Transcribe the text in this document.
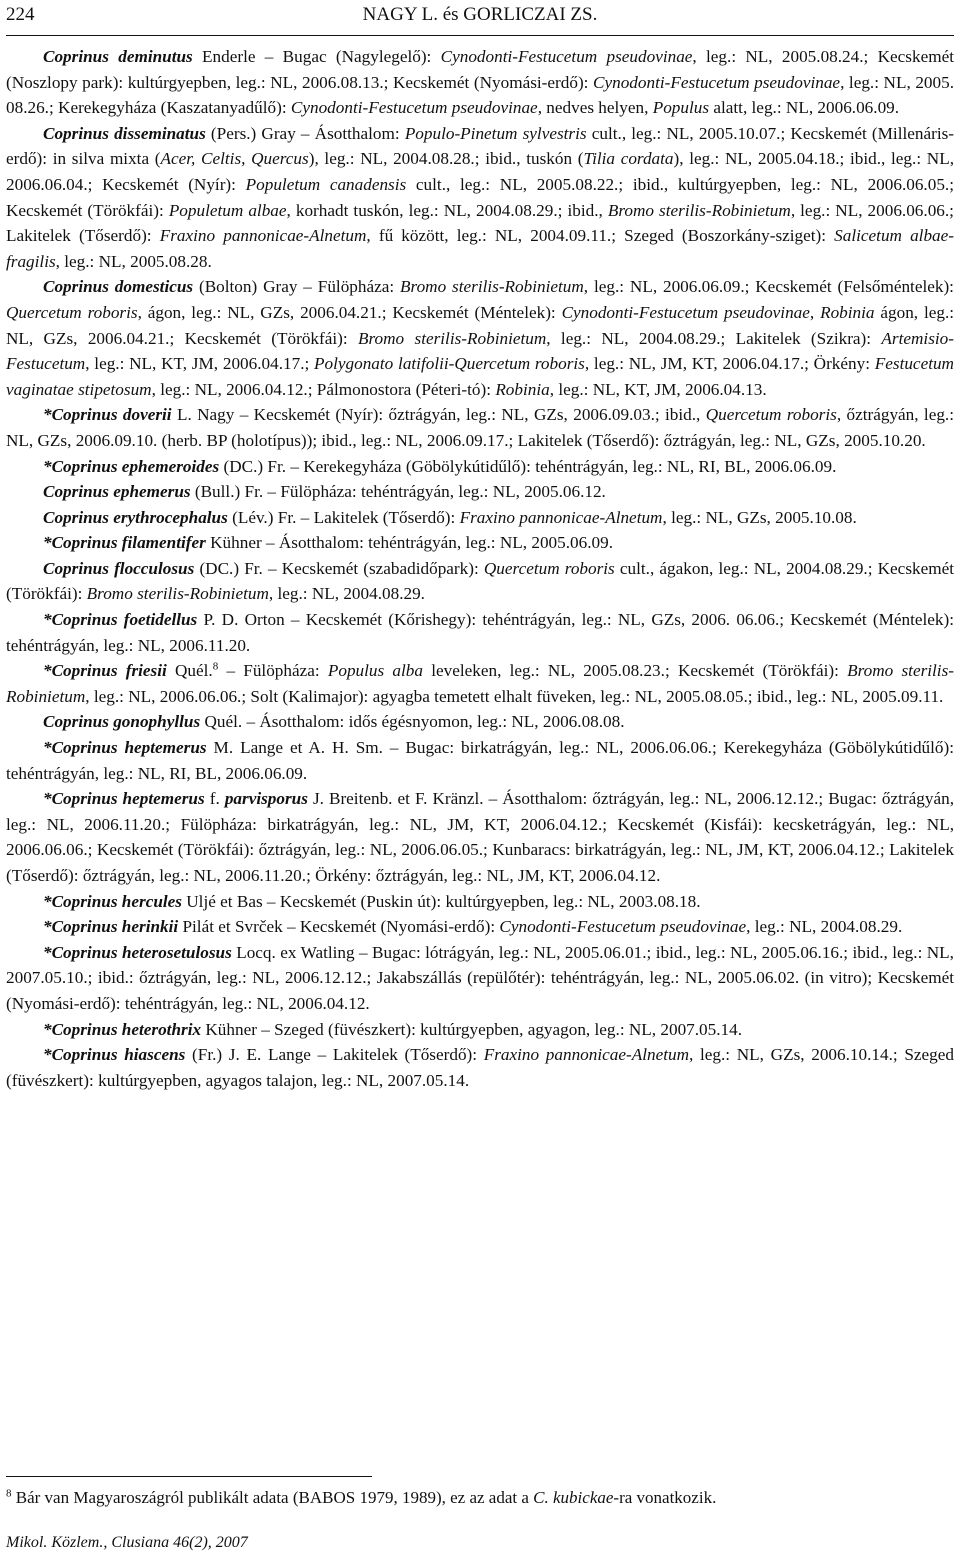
224	NAGY L. és GORLICZAI ZS.

Coprinus deminutus Enderle – Bugac (Nagylegelő): Cynodonti-Festucetum pseudovinae, leg.: NL, 2005.08.24.; Kecskemét (Noszlopy park): kultúrgyepben, leg.: NL, 2006.08.13.; Kecskemét (Nyomási-erdő): Cynodonti-Festucetum pseudovinae, leg.: NL, 2005. 08.26.; Kerekegyháza (Kaszatanyadűlő): Cynodonti-Festucetum pseudovinae, nedves helyen, Populus alatt, leg.: NL, 2006.06.09.

Coprinus disseminatus (Pers.) Gray – Ásotthalom: Populo-Pinetum sylvestris cult., leg.: NL, 2005.10.07.; Kecskemét (Millenáris-erdő): in silva mixta (Acer, Celtis, Quercus), leg.: NL, 2004.08.28.; ibid., tuskón (Tilia cordata), leg.: NL, 2005.04.18.; ibid., leg.: NL, 2006.06.04.; Kecskemét (Nyír): Populetum canadensis cult., leg.: NL, 2005.08.22.; ibid., kultúrgyepben, leg.: NL, 2006.06.05.; Kecskemét (Törökfái): Populetum albae, korhadt tuskón, leg.: NL, 2004.08.29.; ibid., Bromo sterilis-Robinietum, leg.: NL, 2006.06.06.; Lakitelek (Tőserdő): Fraxino pannonicae-Alnetum, fű között, leg.: NL, 2004.09.11.; Szeged (Boszorkány-sziget): Salicetum albae-fragilis, leg.: NL, 2005.08.28.

Coprinus domesticus (Bolton) Gray – Fülöpháza: Bromo sterilis-Robinietum, leg.: NL, 2006.06.09.; Kecskemét (Felsőméntelek): Quercetum roboris, ágon, leg.: NL, GZs, 2006.04.21.; Kecskemét (Méntelek): Cynodonti-Festucetum pseudovinae, Robinia ágon, leg.: NL, GZs, 2006.04.21.; Kecskemét (Törökfái): Bromo sterilis-Robinietum, leg.: NL, 2004.08.29.; Lakitelek (Szikra): Artemisio-Festucetum, leg.: NL, KT, JM, 2006.04.17.; Polygonato latifolii-Quercetum roboris, leg.: NL, JM, KT, 2006.04.17.; Örkény: Festucetum vaginatae stipetosum, leg.: NL, 2006.04.12.; Pálmonostora (Péteri-tó): Robinia, leg.: NL, KT, JM, 2006.04.13.

*Coprinus doverii L. Nagy – Kecskemét (Nyír): őztrágyán, leg.: NL, GZs, 2006.09.03.; ibid., Quercetum roboris, őztrágyán, leg.: NL, GZs, 2006.09.10. (herb. BP (holotípus)); ibid., leg.: NL, 2006.09.17.; Lakitelek (Tőserdő): őztrágyán, leg.: NL, GZs, 2005.10.20.

*Coprinus ephemeroides (DC.) Fr. – Kerekegyháza (Göbölykútidűlő): tehéntrágyán, leg.: NL, RI, BL, 2006.06.09.

Coprinus ephemerus (Bull.) Fr. – Fülöpháza: tehéntrágyán, leg.: NL, 2005.06.12.

Coprinus erythrocephalus (Lév.) Fr. – Lakitelek (Tőserdő): Fraxino pannonicae-Alnetum, leg.: NL, GZs, 2005.10.08.

*Coprinus filamentifer Kühner – Ásotthalom: tehéntrágyán, leg.: NL, 2005.06.09.

Coprinus flocculosus (DC.) Fr. – Kecskemét (szabadidőpark): Quercetum roboris cult., ágakon, leg.: NL, 2004.08.29.; Kecskemét (Törökfái): Bromo sterilis-Robinietum, leg.: NL, 2004.08.29.

*Coprinus foetidellus P. D. Orton – Kecskemét (Kőrishegy): tehéntrágyán, leg.: NL, GZs, 2006. 06.06.; Kecskemét (Méntelek): tehéntrágyán, leg.: NL, 2006.11.20.

*Coprinus friesii Quél.$^8$ – Fülöpháza: Populus alba leveleken, leg.: NL, 2005.08.23.; Kecskemét (Törökfái): Bromo sterilis-Robinietum, leg.: NL, 2006.06.06.; Solt (Kalimajor): agyagba temetett elhalt füveken, leg.: NL, 2005.08.05.; ibid., leg.: NL, 2005.09.11.

Coprinus gonophyllus Quél. – Ásotthalom: idős égésnyomon, leg.: NL, 2006.08.08.

*Coprinus heptemerus M. Lange et A. H. Sm. – Bugac: birkatrágyán, leg.: NL, 2006.06.06.; Kerekegyháza (Göbölykútidűlő): tehéntrágyán, leg.: NL, RI, BL, 2006.06.09.

*Coprinus heptemerus f. parvisporus J. Breitenb. et F. Kränzl. – Ásotthalom: őztrágyán, leg.: NL, 2006.12.12.; Bugac: őztrágyán, leg.: NL, 2006.11.20.; Fülöpháza: birkatrágyán, leg.: NL, JM, KT, 2006.04.12.; Kecskemét (Kisfái): kecsketrágyán, leg.: NL, 2006.06.06.; Kecskemét (Törökfái): őztrágyán, leg.: NL, 2006.06.05.; Kunbaracs: birkatrágyán, leg.: NL, JM, KT, 2006.04.12.; Lakitelek (Tőserdő): őztrágyán, leg.: NL, 2006.11.20.; Örkény: őztrágyán, leg.: NL, JM, KT, 2006.04.12.

*Coprinus hercules Uljé et Bas – Kecskemét (Puskin út): kultúrgyepben, leg.: NL, 2003.08.18.

*Coprinus herinkii Pilát et Svrček – Kecskemét (Nyomási-erdő): Cynodonti-Festucetum pseudovinae, leg.: NL, 2004.08.29.

*Coprinus heterosetulosus Locq. ex Watling – Bugac: lótrágyán, leg.: NL, 2005.06.01.; ibid., leg.: NL, 2005.06.16.; ibid., leg.: NL, 2007.05.10.; ibid.: őztrágyán, leg.: NL, 2006.12.12.; Jakabszállás (repülőtér): tehéntrágyán, leg.: NL, 2005.06.02. (in vitro); Kecskemét (Nyomási-erdő): tehéntrágyán, leg.: NL, 2006.04.12.

*Coprinus heterothrix Kühner – Szeged (füvészkert): kultúrgyepben, agyagon, leg.: NL, 2007.05.14.

*Coprinus hiascens (Fr.) J. E. Lange – Lakitelek (Tőserdő): Fraxino pannonicae-Alnetum, leg.: NL, GZs, 2006.10.14.; Szeged (füvészkert): kultúrgyepben, agyagos talajon, leg.: NL, 2007.05.14.

$^8$ Bár van Magyaroszágról publikált adata (BABOS 1979, 1989), ez az adat a C. kubickae-ra vonatkozik.
Mikol. Közlem., Clusiana 46(2), 2007
